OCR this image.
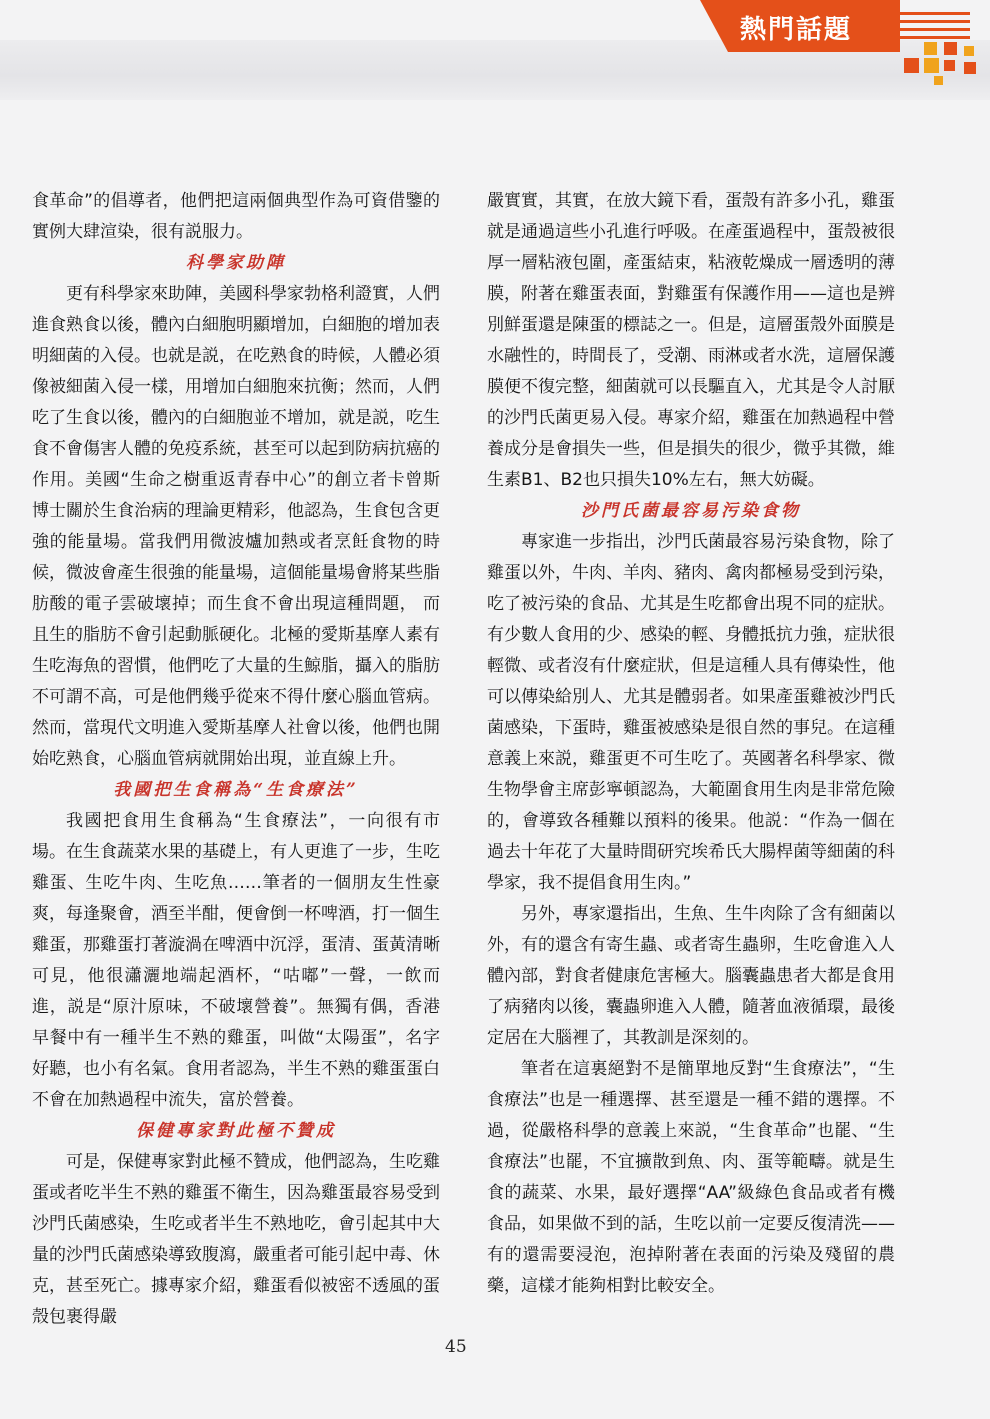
熱門話題

食革命”的倡導者，他們把這兩個典型作為可資借鑒的實例大肆渲染，很有説服力。

科學家助陣

更有科學家來助陣，美國科學家勃格利證實，人們進食熟食以後，體內白細胞明顯增加，白細胞的增加表明細菌的入侵。也就是説，在吃熟食的時候，人體必須像被細菌入侵一樣，用增加白細胞來抗衡；然而，人們吃了生食以後，體內的白細胞並不增加，就是説，吃生食不會傷害人體的免疫系統，甚至可以起到防病抗癌的作用。美國“生命之樹重返青春中心”的創立者卡曾斯博士關於生食治病的理論更精彩，他認為，生食包含更強的能量場。當我們用微波爐加熱或者烹飪食物的時候，微波會產生很強的能量場，這個能量場會將某些脂肪酸的電子雲破壞掉；而生食不會出現這種問題， 而且生的脂肪不會引起動脈硬化。北極的愛斯基摩人素有生吃海魚的習慣，他們吃了大量的生鯨脂，攝入的脂肪不可謂不高，可是他們幾乎從來不得什麼心腦血管病。然而，當現代文明進入愛斯基摩人社會以後，他們也開始吃熟食，心腦血管病就開始出現，並直線上升。

我國把生食稱為“生食療法”

我國把食用生食稱為“生食療法”，一向很有市場。在生食蔬菜水果的基礎上，有人更進了一步，生吃雞蛋、生吃牛肉、生吃魚……筆者的一個朋友生性豪爽，每逢聚會，酒至半酣，便會倒一杯啤酒，打一個生雞蛋，那雞蛋打著漩渦在啤酒中沉浮，蛋清、蛋黃清晰可見，他很瀟灑地端起酒杯，“咕嘟”一聲，一飲而進，説是“原汁原味，不破壞營養”。無獨有偶，香港早餐中有一種半生不熟的雞蛋，叫做“太陽蛋”，名字好聽，也小有名氣。食用者認為，半生不熟的雞蛋蛋白不會在加熱過程中流失，富於營養。

保健專家對此極不贊成

可是，保健專家對此極不贊成，他們認為，生吃雞蛋或者吃半生不熟的雞蛋不衛生，因為雞蛋最容易受到沙門氏菌感染，生吃或者半生不熟地吃，會引起其中大量的沙門氏菌感染導致腹瀉，嚴重者可能引起中毒、休克，甚至死亡。據專家介紹，雞蛋看似被密不透風的蛋殼包裹得嚴

嚴實實，其實，在放大鏡下看，蛋殼有許多小孔，雞蛋就是通過這些小孔進行呼吸。在產蛋過程中，蛋殼被很厚一層粘液包圍，產蛋結束，粘液乾燥成一層透明的薄膜，附著在雞蛋表面，對雞蛋有保護作用——這也是辨別鮮蛋還是陳蛋的標誌之一。但是，這層蛋殼外面膜是水融性的，時間長了，受潮、雨淋或者水洗，這層保護膜便不復完整，細菌就可以長驅直入，尤其是令人討厭的沙門氏菌更易入侵。專家介紹，雞蛋在加熱過程中營養成分是會損失一些，但是損失的很少，微乎其微，維生素B1、B2也只損失10%左右，無大妨礙。

沙門氏菌最容易污染食物

專家進一步指出，沙門氏菌最容易污染食物，除了雞蛋以外，牛肉、羊肉、豬肉、禽肉都極易受到污染，吃了被污染的食品、尤其是生吃都會出現不同的症狀。有少數人食用的少、感染的輕、身體抵抗力強，症狀很輕微、或者沒有什麼症狀，但是這種人具有傳染性，他可以傳染給別人、尤其是體弱者。如果產蛋雞被沙門氏菌感染，下蛋時，雞蛋被感染是很自然的事兒。在這種意義上來説，雞蛋更不可生吃了。英國著名科學家、微生物學會主席彭寧頓認為，大範圍食用生肉是非常危險的，會導致各種難以預料的後果。他説：“作為一個在過去十年花了大量時間研究埃希氏大腸桿菌等細菌的科學家，我不提倡食用生肉。”

另外，專家還指出，生魚、生牛肉除了含有細菌以外，有的還含有寄生蟲、或者寄生蟲卵，生吃會進入人體內部，對食者健康危害極大。腦囊蟲患者大都是食用了病豬肉以後，囊蟲卵進入人體，隨著血液循環，最後定居在大腦裡了，其教訓是深刻的。

筆者在這裏絕對不是簡單地反對“生食療法”，“生食療法”也是一種選擇、甚至還是一種不錯的選擇。不過，從嚴格科學的意義上來説，“生食革命”也罷、“生食療法”也罷，不宜擴散到魚、肉、蛋等範疇。就是生食的蔬菜、水果，最好選擇“AA”級綠色食品或者有機食品，如果做不到的話，生吃以前一定要反復清洗——有的還需要浸泡，泡掉附著在表面的污染及殘留的農藥，這樣才能夠相對比較安全。

45
